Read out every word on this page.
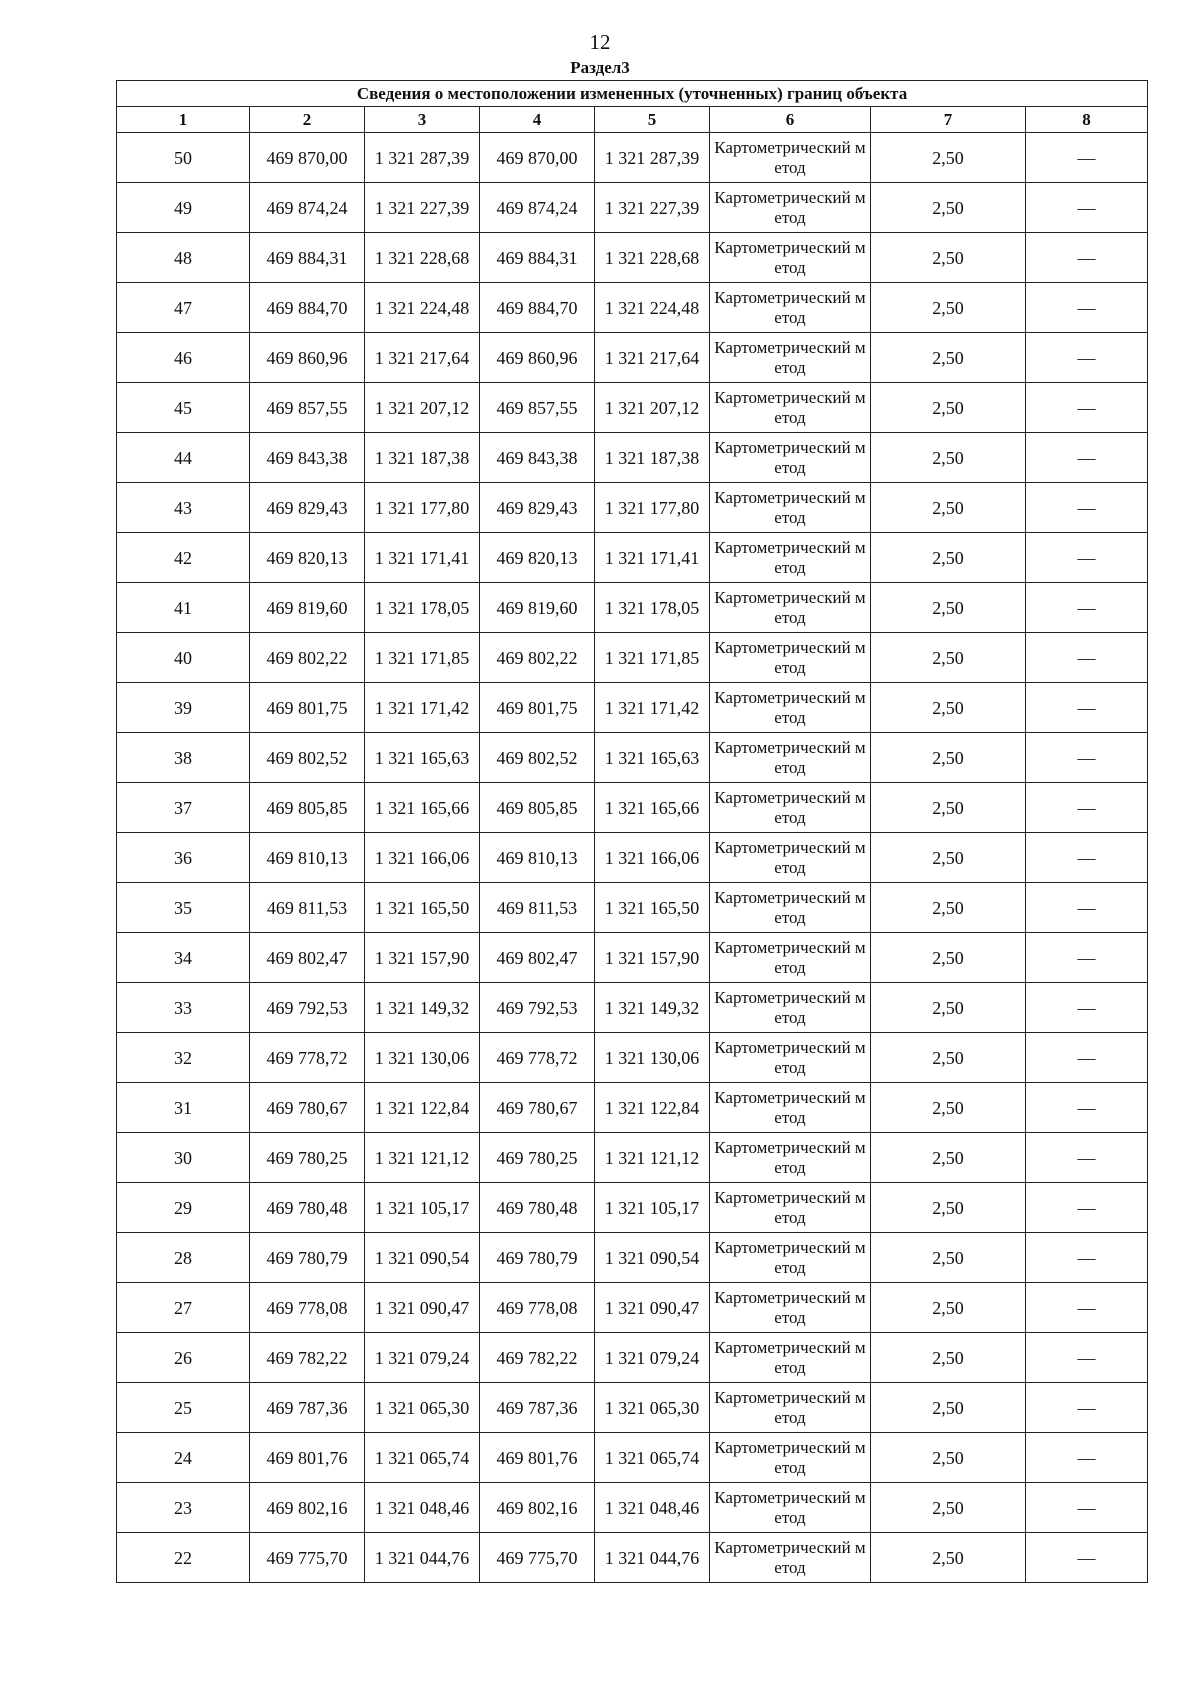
12
Раздел3
Сведения о местоположении измененных (уточненных) границ объекта							
1	2	3	4	5	6	7	8
50	469 870,00	1 321 287,39	469 870,00	1 321 287,39	Картометрический метод	2,50	—
49	469 874,24	1 321 227,39	469 874,24	1 321 227,39	Картометрический метод	2,50	—
48	469 884,31	1 321 228,68	469 884,31	1 321 228,68	Картометрический метод	2,50	—
47	469 884,70	1 321 224,48	469 884,70	1 321 224,48	Картометрический метод	2,50	—
46	469 860,96	1 321 217,64	469 860,96	1 321 217,64	Картометрический метод	2,50	—
45	469 857,55	1 321 207,12	469 857,55	1 321 207,12	Картометрический метод	2,50	—
44	469 843,38	1 321 187,38	469 843,38	1 321 187,38	Картометрический метод	2,50	—
43	469 829,43	1 321 177,80	469 829,43	1 321 177,80	Картометрический метод	2,50	—
42	469 820,13	1 321 171,41	469 820,13	1 321 171,41	Картометрический метод	2,50	—
41	469 819,60	1 321 178,05	469 819,60	1 321 178,05	Картометрический метод	2,50	—
40	469 802,22	1 321 171,85	469 802,22	1 321 171,85	Картометрический метод	2,50	—
39	469 801,75	1 321 171,42	469 801,75	1 321 171,42	Картометрический метод	2,50	—
38	469 802,52	1 321 165,63	469 802,52	1 321 165,63	Картометрический метод	2,50	—
37	469 805,85	1 321 165,66	469 805,85	1 321 165,66	Картометрический метод	2,50	—
36	469 810,13	1 321 166,06	469 810,13	1 321 166,06	Картометрический метод	2,50	—
35	469 811,53	1 321 165,50	469 811,53	1 321 165,50	Картометрический метод	2,50	—
34	469 802,47	1 321 157,90	469 802,47	1 321 157,90	Картометрический метод	2,50	—
33	469 792,53	1 321 149,32	469 792,53	1 321 149,32	Картометрический метод	2,50	—
32	469 778,72	1 321 130,06	469 778,72	1 321 130,06	Картометрический метод	2,50	—
31	469 780,67	1 321 122,84	469 780,67	1 321 122,84	Картометрический метод	2,50	—
30	469 780,25	1 321 121,12	469 780,25	1 321 121,12	Картометрический метод	2,50	—
29	469 780,48	1 321 105,17	469 780,48	1 321 105,17	Картометрический метод	2,50	—
28	469 780,79	1 321 090,54	469 780,79	1 321 090,54	Картометрический метод	2,50	—
27	469 778,08	1 321 090,47	469 778,08	1 321 090,47	Картометрический метод	2,50	—
26	469 782,22	1 321 079,24	469 782,22	1 321 079,24	Картометрический метод	2,50	—
25	469 787,36	1 321 065,30	469 787,36	1 321 065,30	Картометрический метод	2,50	—
24	469 801,76	1 321 065,74	469 801,76	1 321 065,74	Картометрический метод	2,50	—
23	469 802,16	1 321 048,46	469 802,16	1 321 048,46	Картометрический метод	2,50	—
22	469 775,70	1 321 044,76	469 775,70	1 321 044,76	Картометрический метод	2,50	—
